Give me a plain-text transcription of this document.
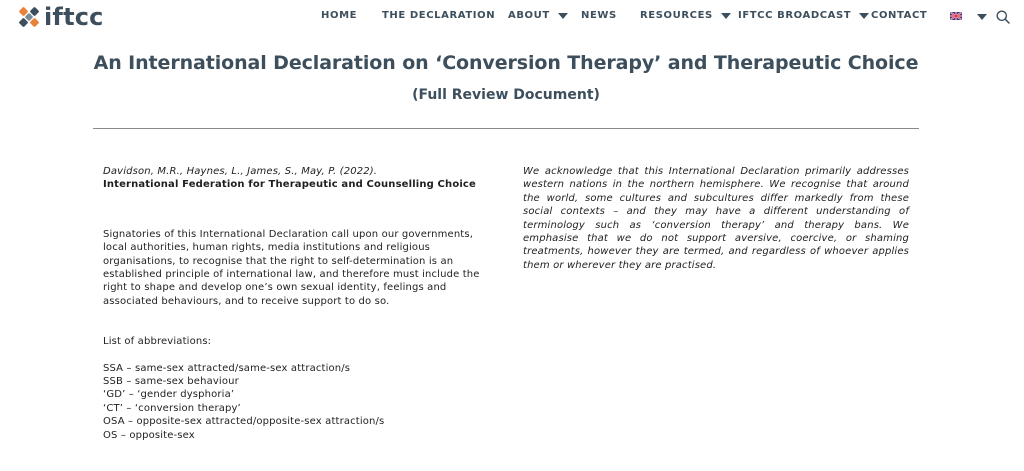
iftcc	HOME THE DECLARATION ABOUT	NEWS RESOURCES	IFTCC BROADCAST CONTACT
An International Declaration on ‘Conversion Therapy’ and Therapeutic Choice
(Full Review Document)
Davidson, M.R., Haynes, L., James, S., May, P. (2022).
International Federation for Therapeutic and Counselling Choice
Signatories of this International Declaration call upon our governments, local authorities, human rights, media institutions and religious organisations, to recognise that the right to self-determination is an established principle of international law, and therefore must include the right to shape and develop one’s own sexual identity, feelings and associated behaviours, and to receive support to do so.
List of abbreviations:
SSA – same-sex attracted/same-sex attraction/s
SSB – same-sex behaviour
‘GD’ – ‘gender dysphoria’
‘CT’ – ‘conversion therapy’
OSA – opposite-sex attracted/opposite-sex attraction/s
OS – opposite-sex
We acknowledge that this International Declaration primarily addresses western nations in the northern hemisphere. We recognise that around the world, some cultures and subcultures differ markedly from these social contexts – and they may have a different understanding of terminology such as ‘conversion therapy’ and therapy bans. We emphasise that we do not support aversive, coercive, or shaming treatments, however they are termed, and regardless of whoever applies them or wherever they are practised.
